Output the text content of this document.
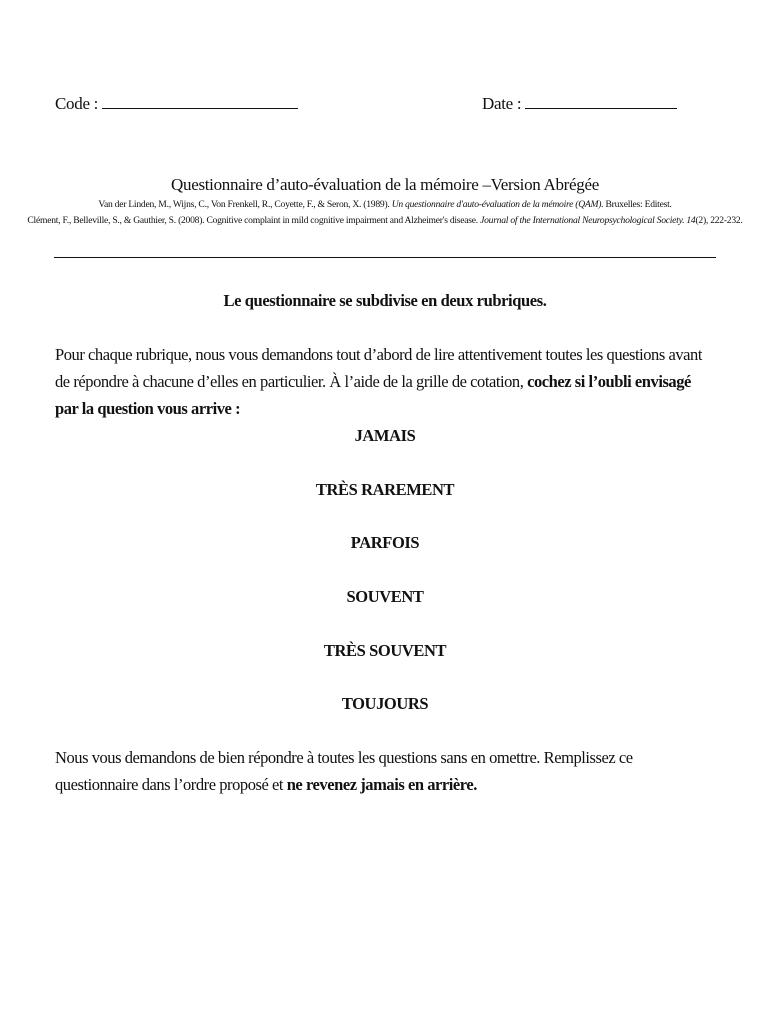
Code :	Date :
Questionnaire d’auto-évaluation de la mémoire –Version Abrégée
Van der Linden, M., Wijns, C., Von Frenkell, R., Coyette, F., & Seron, X. (1989). Un questionnaire d'auto-évaluation de la mémoire (QAM). Bruxelles: Editest.
Clément, F., Belleville, S., & Gauthier, S. (2008). Cognitive complaint in mild cognitive impairment and Alzheimer's disease. Journal of the International Neuropsychological Society. 14(2), 222-232.
Le questionnaire se subdivise en deux rubriques.
Pour chaque rubrique, nous vous demandons tout d’abord de lire attentivement toutes les questions avant de répondre à chacune d’elles en particulier. À l’aide de la grille de cotation, cochez si l’oubli envisagé par la question vous arrive :
JAMAIS
TRÈS RAREMENT
PARFOIS
SOUVENT
TRÈS SOUVENT
TOUJOURS
Nous vous demandons de bien répondre à toutes les questions sans en omettre. Remplissez ce questionnaire dans l’ordre proposé et ne revenez jamais en arrière.
